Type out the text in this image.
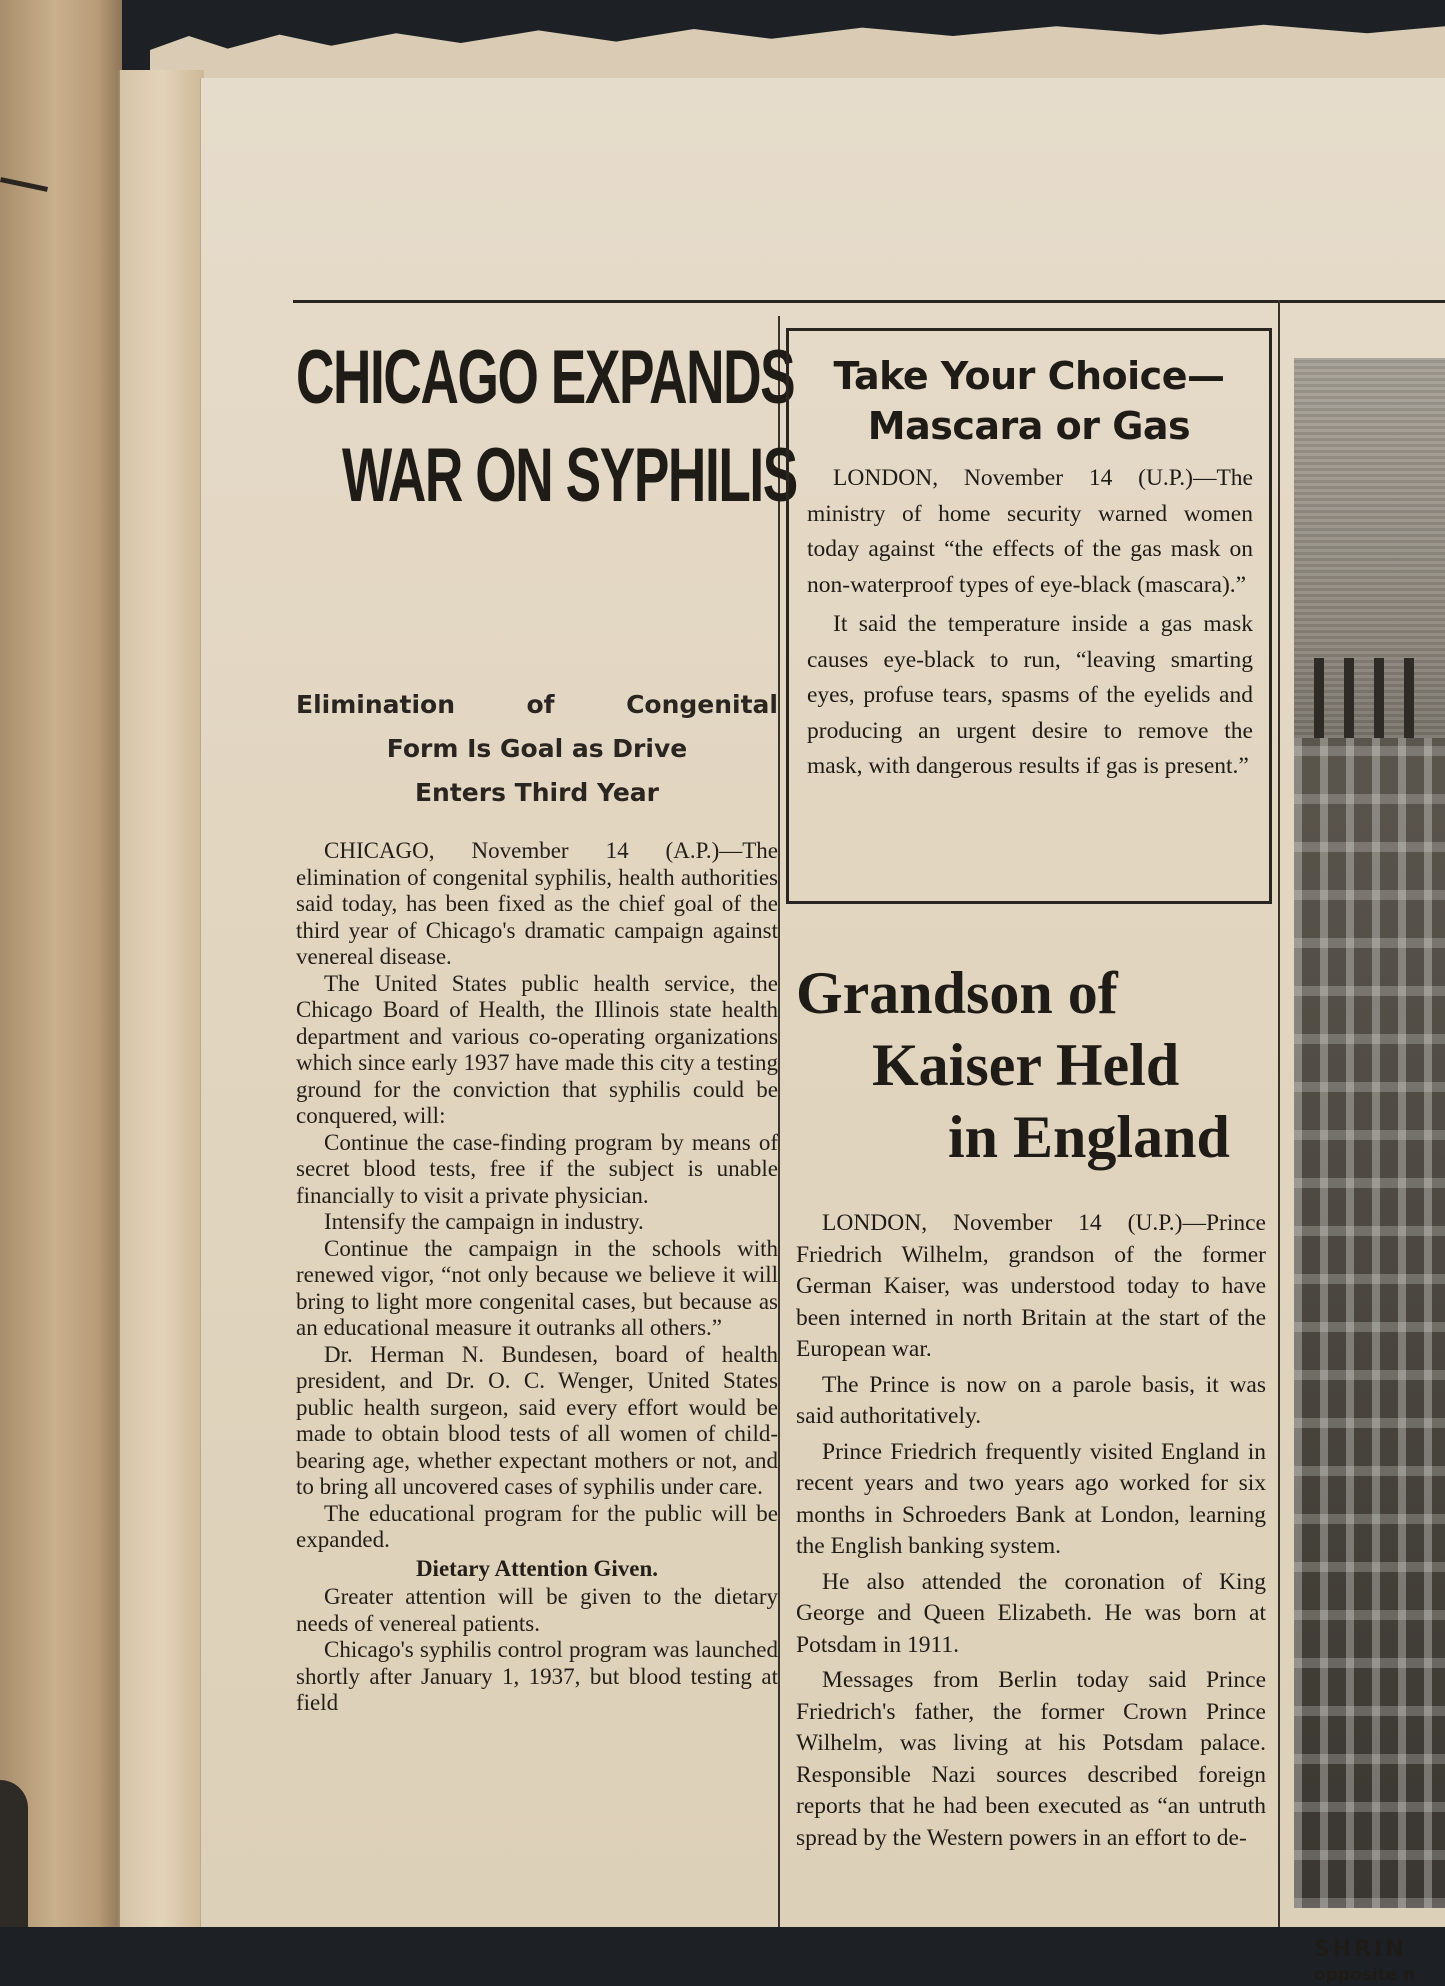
CHICAGO EXPANDS
WAR ON SYPHILIS
Elimination of Congenital
Form Is Goal as Drive
Enters Third Year

CHICAGO, November 14 (A.P.)—The elimination of congenital syphilis, health authorities said today, has been fixed as the chief goal of the third year of Chicago's dramatic campaign against venereal disease.

The United States public health service, the Chicago Board of Health, the Illinois state health department and various co-operating organizations which since early 1937 have made this city a testing ground for the conviction that syphilis could be conquered, will:

Continue the case-finding program by means of secret blood tests, free if the subject is unable financially to visit a private physician.

Intensify the campaign in industry.

Continue the campaign in the schools with renewed vigor, “not only because we believe it will bring to light more congenital cases, but because as an educational measure it outranks all others.”

Dr. Herman N. Bundesen, board of health president, and Dr. O. C. Wenger, United States public health surgeon, said every effort would be made to obtain blood tests of all women of child-bearing age, whether expectant mothers or not, and to bring all uncovered cases of syphilis under care.

The educational program for the public will be expanded.

Dietary Attention Given.

Greater attention will be given to the dietary needs of venereal patients.

Chicago's syphilis control program was launched shortly after January 1, 1937, but blood testing at field

Take Your Choice—
Mascara or Gas

LONDON, November 14 (U.P.)—The ministry of home security warned women today against “the effects of the gas mask on non-waterproof types of eye-black (mascara).”

It said the temperature inside a gas mask causes eye-black to run, “leaving smarting eyes, profuse tears, spasms of the eyelids and producing an urgent desire to remove the mask, with dangerous results if gas is present.”

Grandson of
Kaiser Held
in England

LONDON, November 14 (U.P.)—Prince Friedrich Wilhelm, grandson of the former German Kaiser, was understood today to have been interned in north Britain at the start of the European war.

The Prince is now on a parole basis, it was said authoritatively.

Prince Friedrich frequently visited England in recent years and two years ago worked for six months in Schroeders Bank at London, learning the English banking system.

He also attended the coronation of King George and Queen Elizabeth. He was born at Potsdam in 1911.

Messages from Berlin today said Prince Friedrich's father, the former Crown Prince Wilhelm, was living at his Potsdam palace. Responsible Nazi sources described foreign reports that he had been executed as “an untruth spread by the Western powers in an effort to de-

SHRIN
opposite n
